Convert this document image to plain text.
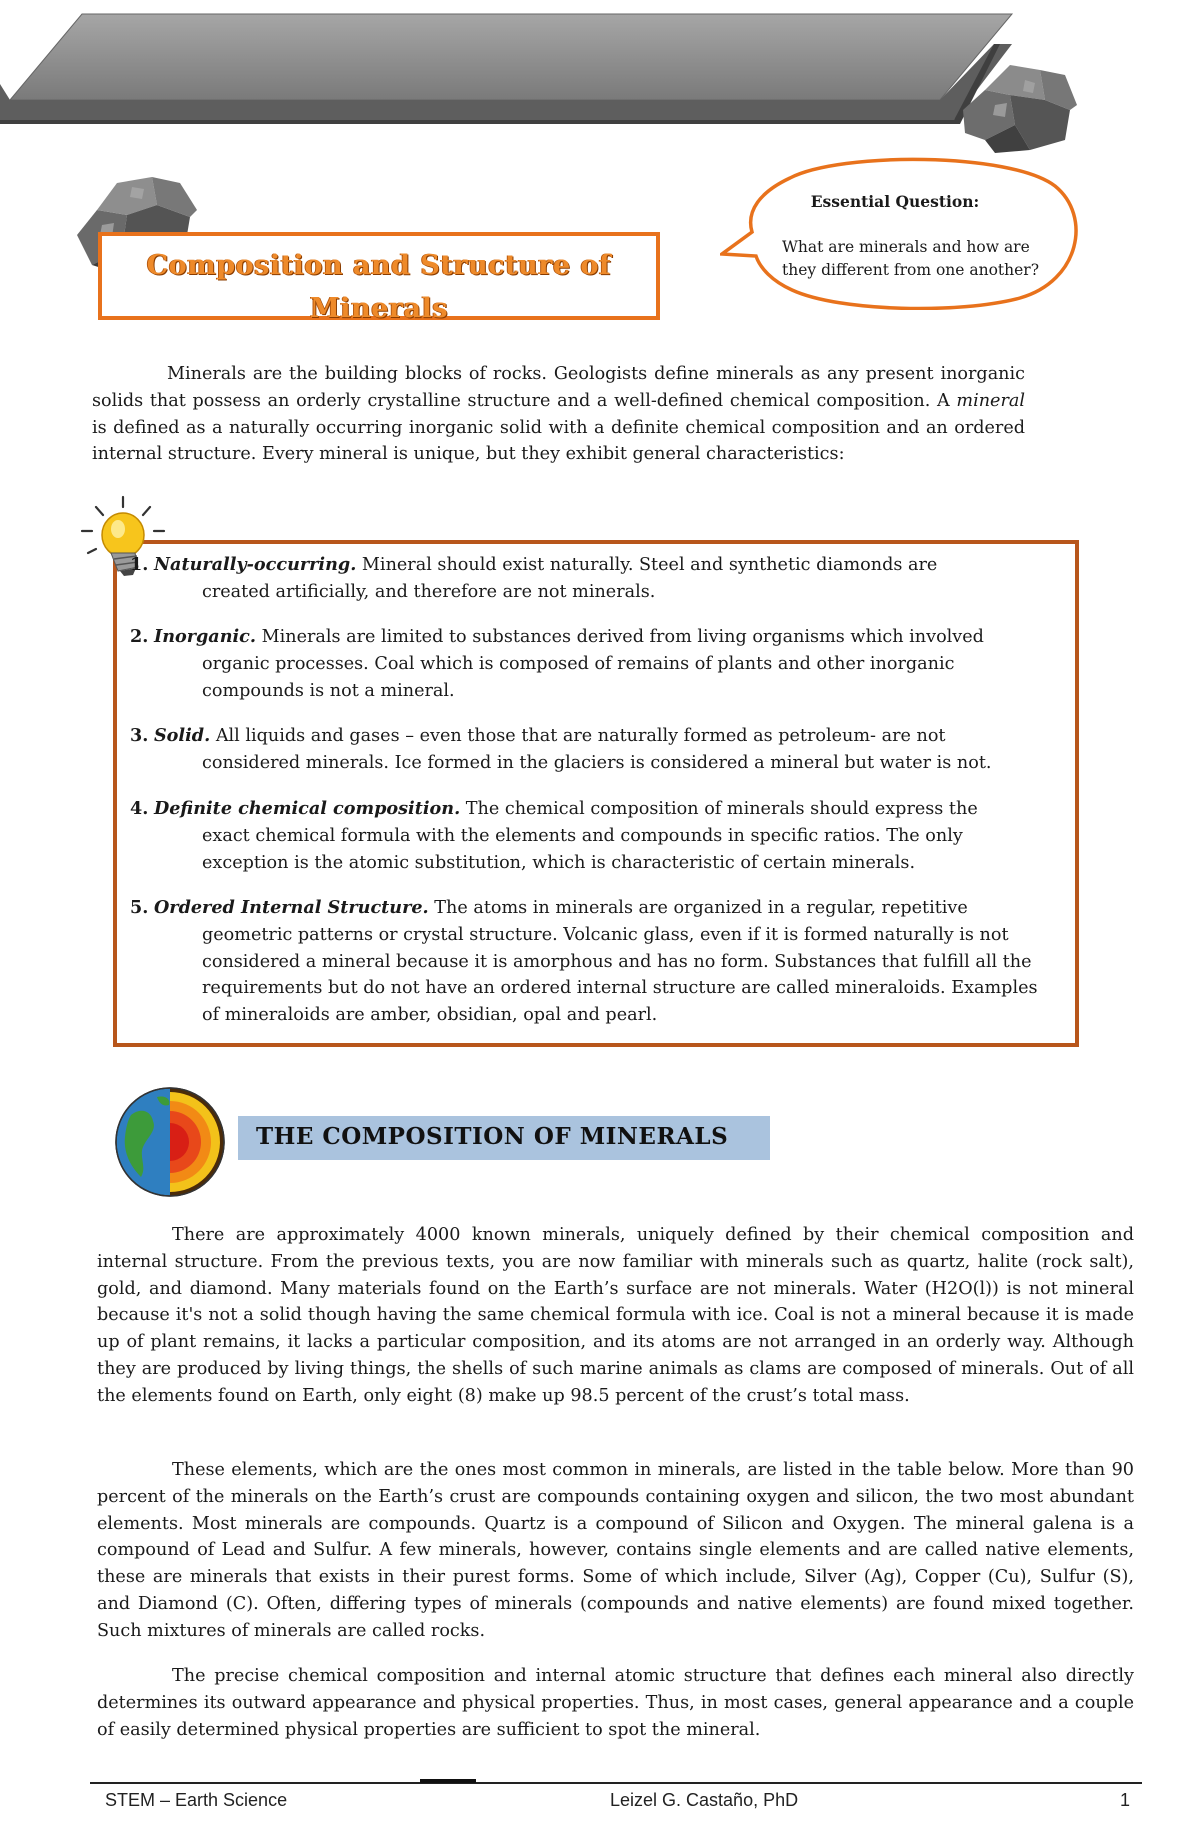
Composition and Structure of
Minerals
Essential Question:
What are minerals and how are they different from one another?

Minerals are the building blocks of rocks. Geologists define minerals as any present inorganic solids that possess an orderly crystalline structure and a well-defined chemical composition. A mineral is defined as a naturally occurring inorganic solid with a definite chemical composition and an ordered internal structure. Every mineral is unique, but they exhibit general characteristics:

1. Naturally-occurring. Mineral should exist naturally. Steel and synthetic diamonds are
created artificially, and therefore are not minerals.
2. Inorganic. Minerals are limited to substances derived from living organisms which involved
organic processes. Coal which is composed of remains of plants and other inorganic compounds is not a mineral.
3. Solid. All liquids and gases – even those that are naturally formed as petroleum- are not
considered minerals. Ice formed in the glaciers is considered a mineral but water is not.
4. Definite chemical composition. The chemical composition of minerals should express the
exact chemical formula with the elements and compounds in specific ratios. The only exception is the atomic substitution, which is characteristic of certain minerals.
5. Ordered Internal Structure. The atoms in minerals are organized in a regular, repetitive
geometric patterns or crystal structure. Volcanic glass, even if it is formed naturally is not considered a mineral because it is amorphous and has no form. Substances that fulfill all the requirements but do not have an ordered internal structure are called mineraloids. Examples of mineraloids are amber, obsidian, opal and pearl.
THE COMPOSITION OF MINERALS

There are approximately 4000 known minerals, uniquely defined by their chemical composition and internal structure. From the previous texts, you are now familiar with minerals such as quartz, halite (rock salt), gold, and diamond. Many materials found on the Earth’s surface are not minerals. Water (H2O(l)) is not mineral because it's not a solid though having the same chemical formula with ice. Coal is not a mineral because it is made up of plant remains, it lacks a particular composition, and its atoms are not arranged in an orderly way. Although they are produced by living things, the shells of such marine animals as clams are composed of minerals. Out of all the elements found on Earth, only eight (8) make up 98.5 percent of the crust’s total mass.

These elements, which are the ones most common in minerals, are listed in the table below. More than 90 percent of the minerals on the Earth’s crust are compounds containing oxygen and silicon, the two most abundant elements. Most minerals are compounds. Quartz is a compound of Silicon and Oxygen. The mineral galena is a compound of Lead and Sulfur. A few minerals, however, contains single elements and are called native elements, these are minerals that exists in their purest forms. Some of which include, Silver (Ag), Copper (Cu), Sulfur (S), and Diamond (C). Often, differing types of minerals (compounds and native elements) are found mixed together. Such mixtures of minerals are called rocks.

The precise chemical composition and internal atomic structure that defines each mineral also directly determines its outward appearance and physical properties. Thus, in most cases, general appearance and a couple of easily determined physical properties are sufficient to spot the mineral.

STEM – Earth Science	Leizel G. Castaño, PhD	1
